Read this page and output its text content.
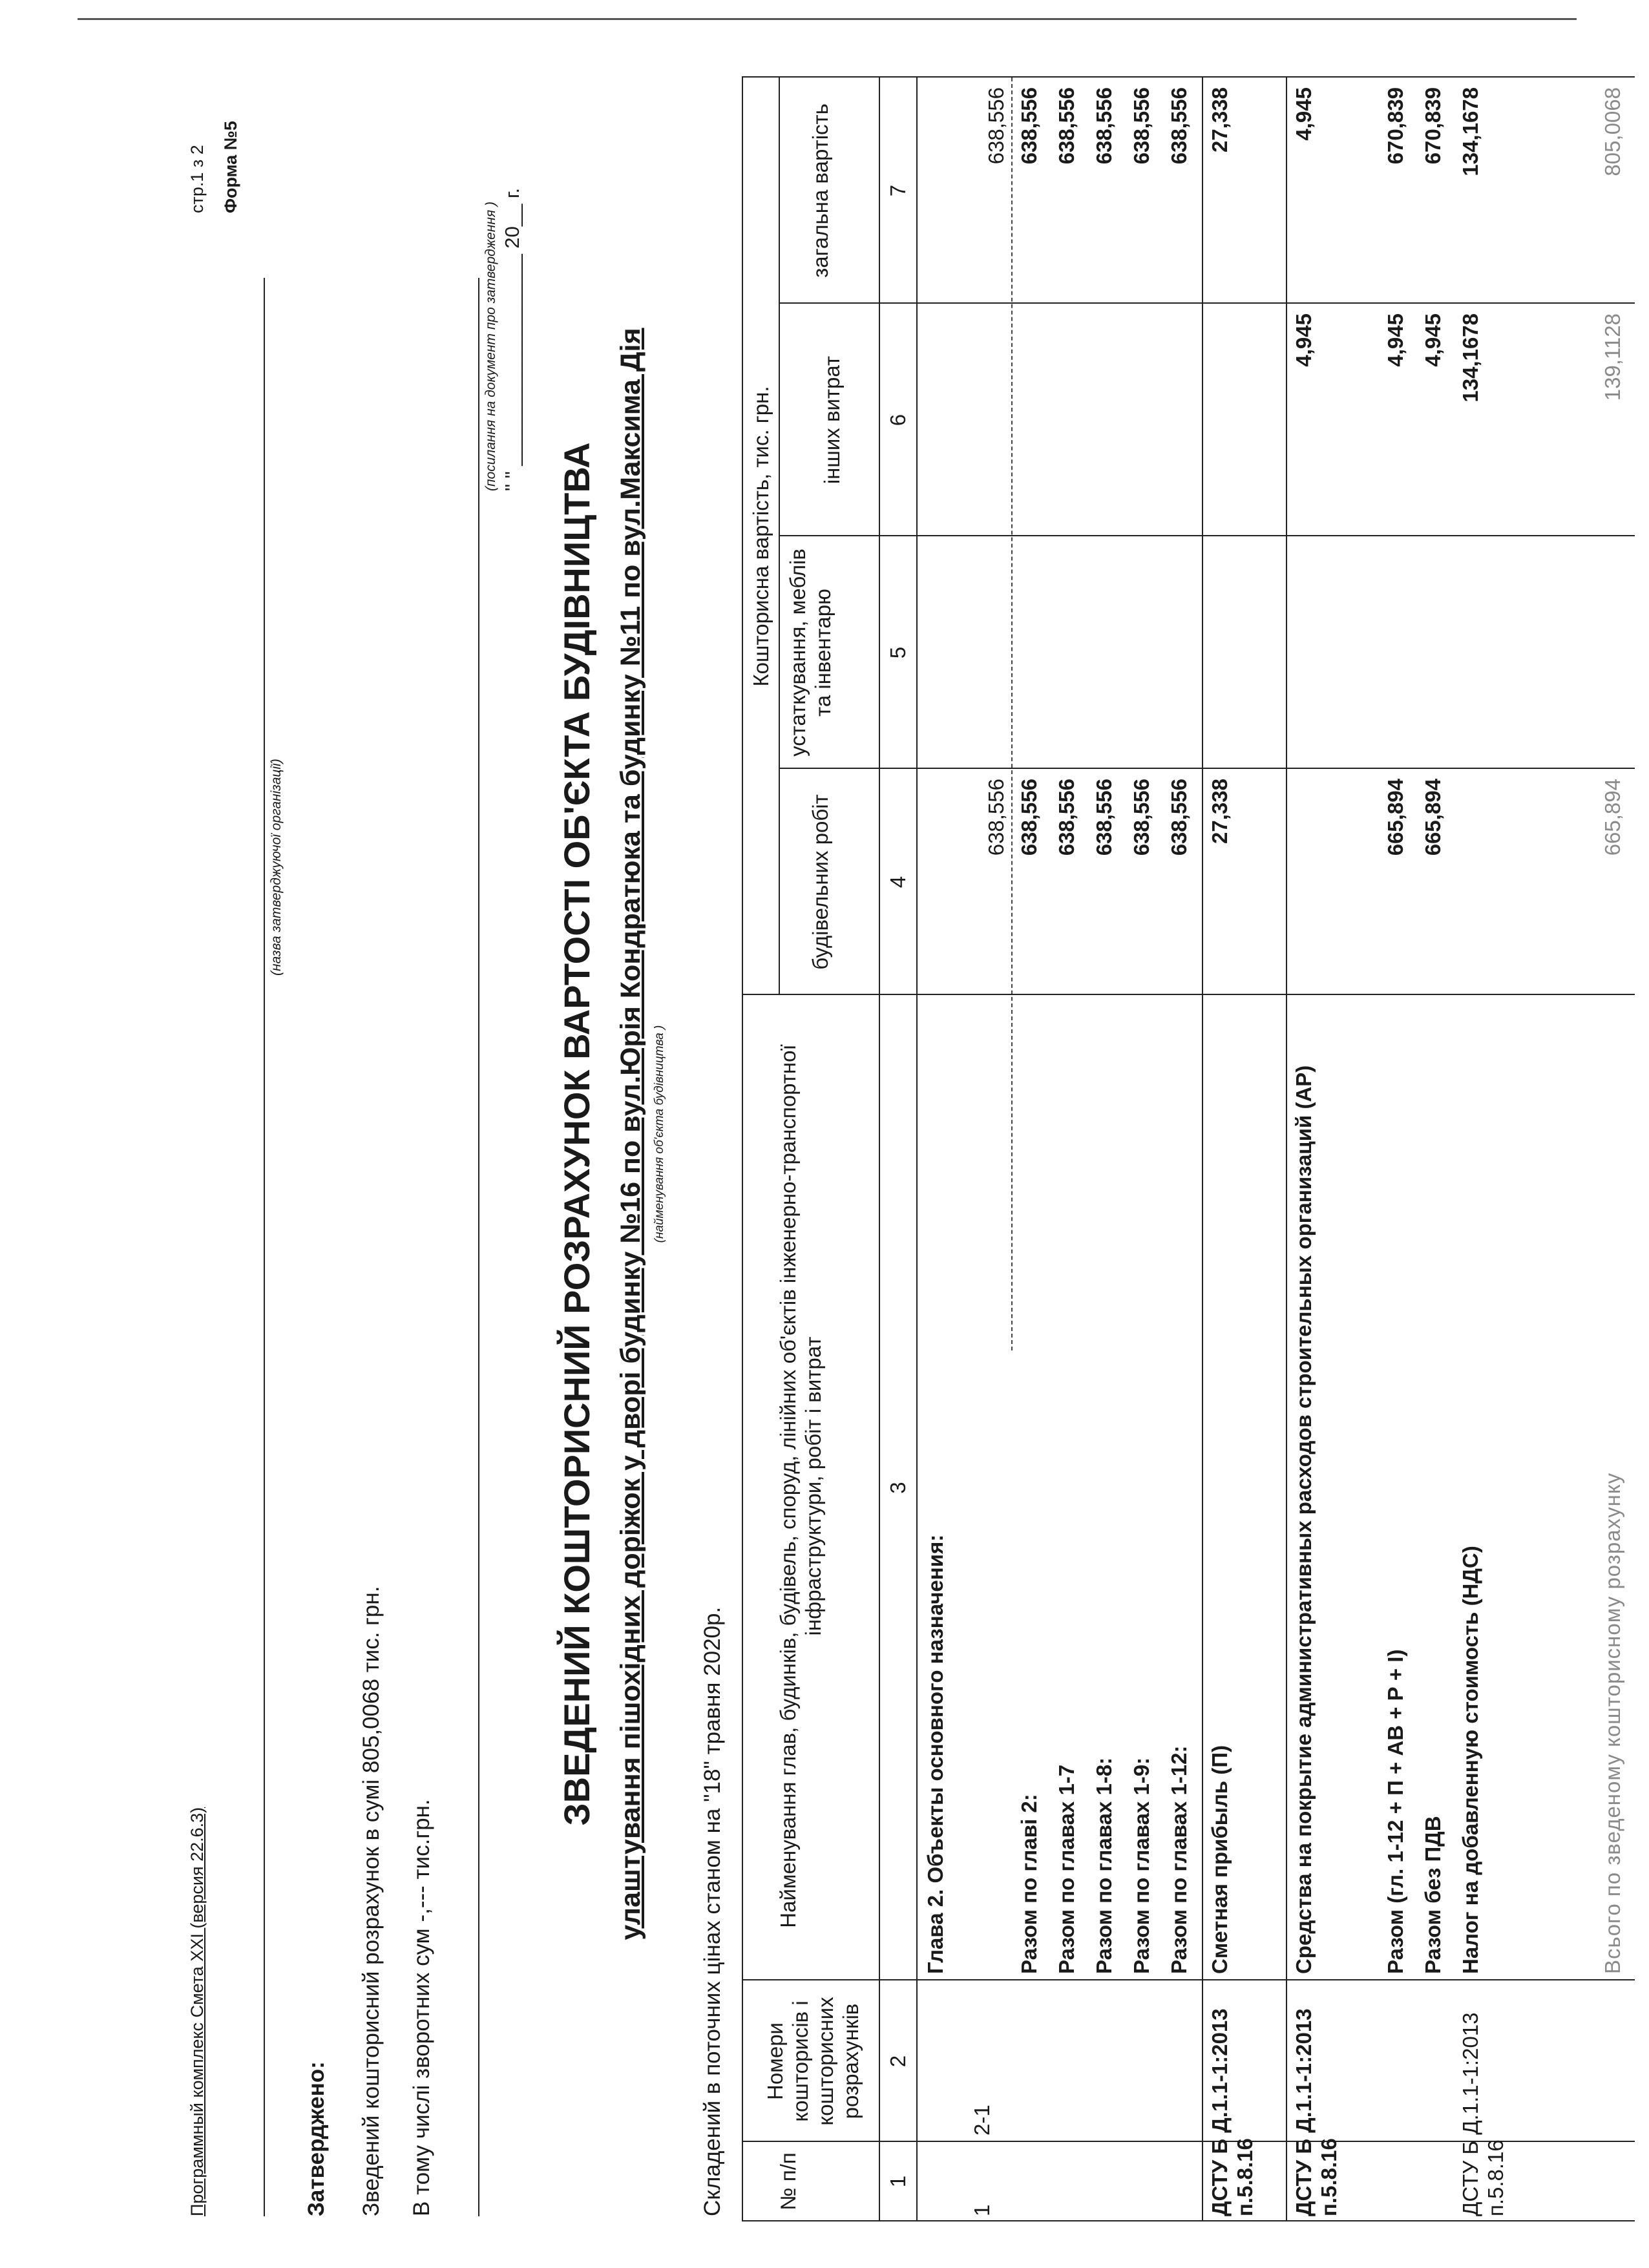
Программный комплекс Смета XXI (версия 22.6.3)
стр.1 з 2 Форма №5
(назва затверджуючої організації)
Затверджено: Зведений кошторисний розрахунок в сумі 805,0068 тис. грн. В тому числі зворотних сум -,--- тис.грн.
(посилання на документ про затвердження ) " " ___________________ 20__ г.
ЗВЕДЕНИЙ КОШТОРИСНИЙ РОЗРАХУНОК ВАРТОСТІ ОБ'ЄКТА БУДІВНИЦТВА улаштування пішохідних доріжок у дворі будинку №16 по вул.Юрія Кондратюка та будинку №11 по вул.Максима Дія (найменування об'єкта будівництва )
Складений в поточних цінах станом на "18" травня 2020р. № п/п
Номери кошторисів і кошторисних розрахунків
Найменування глав, будинків, будівель, споруд, лінійних об'єктів інженерно-транспортної інфраструктури, робіт і витрат
Кошторисна вартість, тис. грн.
будівельних робіт
устаткування, меблів та інвентарю
інших витрат
загальна вартість
1
2
3
4
5
6
7
Глава 2. Объекты основного назначения:
1
2-1
638,556
638,556
Разом по главі 2:
638,556
638,556
Разом по главах 1-7
638,556
638,556
Разом по главах 1-8:
638,556
638,556
Разом по главах 1-9:
638,556
638,556
Разом по главах 1-12:
638,556
638,556
ДСТУ Б Д.1.1-1:2013 п.5.8.16
Сметная прибыль (П)
27,338
27,338
ДСТУ Б Д.1.1-1:2013 п.5.8.16
Средства на покрытие административных расходов строительных организаций (АР)
4,945
4,945
Разом (гл. 1-12 + П + АВ + Р + І)
665,894
4,945
670,839
Разом без ПДВ
665,894
4,945
670,839
ДСТУ Б Д.1.1-1:2013 п.5.8.16
Налог на добавленную стоимость (НДС)
134,1678
134,1678
Всього по зведеному кошторисному розрахунку
665,894
139,1128
805,0068
